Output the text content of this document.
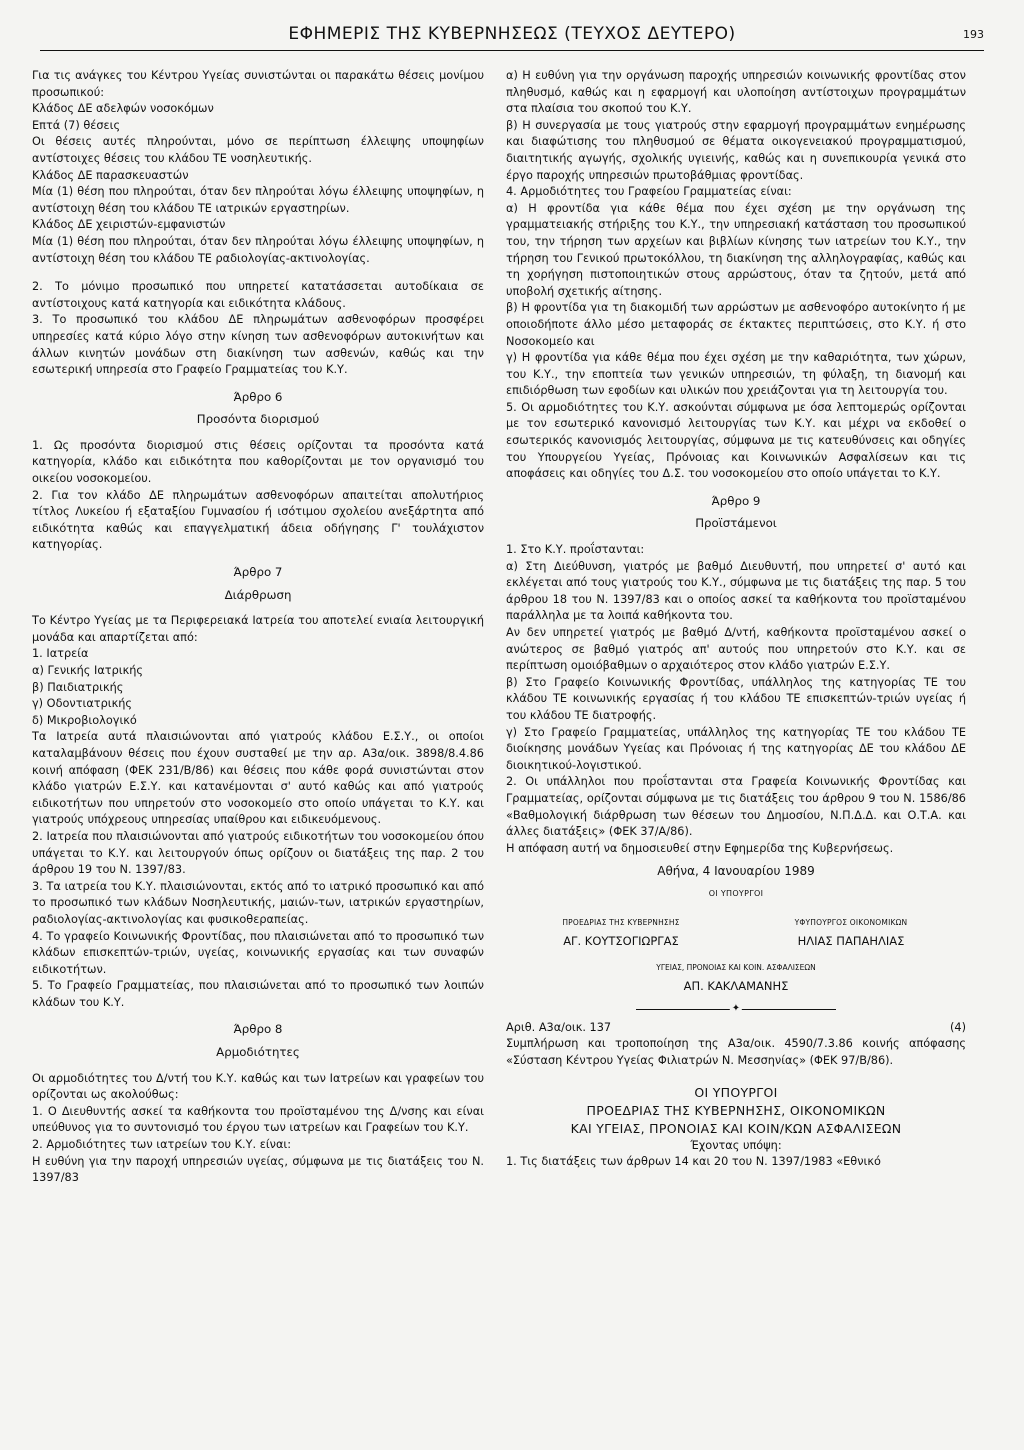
ΕΦΗΜΕΡΙΣ ΤΗΣ ΚΥΒΕΡΝΗΣΕΩΣ (ΤΕΥΧΟΣ ΔΕΥΤΕΡΟ)	193

Για τις ανάγκες του Κέντρου Υγείας συνιστώνται οι παρακάτω θέσεις μονίμου προσωπικού:

Κλάδος ΔΕ αδελφών νοσοκόμων

Επτά (7) θέσεις

Οι θέσεις αυτές πληρούνται, μόνο σε περίπτωση έλλειψης υποψηφίων αντίστοιχες θέσεις του κλάδου ΤΕ νοσηλευτικής.

Κλάδος ΔΕ παρασκευαστών

Μία (1) θέση που πληρούται, όταν δεν πληρούται λόγω έλλειψης υποψηφίων, η αντίστοιχη θέση του κλάδου ΤΕ ιατρικών εργαστηρίων.

Κλάδος ΔΕ χειριστών-εμφανιστών

Μία (1) θέση που πληρούται, όταν δεν πληρούται λόγω έλλειψης υποψηφίων, η αντίστοιχη θέση του κλάδου ΤΕ ραδιολογίας-ακτινολογίας.

2. Το μόνιμο προσωπικό που υπηρετεί κατατάσσεται αυτοδίκαια σε αντίστοιχους κατά κατηγορία και ειδικότητα κλάδους.

3. Το προσωπικό του κλάδου ΔΕ πληρωμάτων ασθενοφόρων προσφέρει υπηρεσίες κατά κύριο λόγο στην κίνηση των ασθενοφόρων αυτοκινήτων και άλλων κινητών μονάδων στη διακίνηση των ασθενών, καθώς και την εσωτερική υπηρεσία στο Γραφείο Γραμματείας του Κ.Υ.

Άρθρο 6

Προσόντα διορισμού

1. Ως προσόντα διορισμού στις θέσεις ορίζονται τα προσόντα κατά κατηγορία, κλάδο και ειδικότητα που καθορίζονται με τον οργανισμό του οικείου νοσοκομείου.

2. Για τον κλάδο ΔΕ πληρωμάτων ασθενοφόρων απαιτείται απολυτήριος τίτλος Λυκείου ή εξαταξίου Γυμνασίου ή ισότιμου σχολείου ανεξάρτητα από ειδικότητα καθώς και επαγγελματική άδεια οδήγησης Γ' τουλάχιστον κατηγορίας.

Άρθρο 7

Διάρθρωση

Το Κέντρο Υγείας με τα Περιφερειακά Ιατρεία του αποτελεί ενιαία λειτουργική μονάδα και απαρτίζεται από:

1. Ιατρεία

α) Γενικής Ιατρικής

β) Παιδιατρικής

γ) Οδοντιατρικής

δ) Μικροβιολογικό

Τα Ιατρεία αυτά πλαισιώνονται από γιατρούς κλάδου Ε.Σ.Υ., οι οποίοι καταλαμβάνουν θέσεις που έχουν συσταθεί με την αρ. Α3α/οικ. 3898/8.4.86 κοινή απόφαση (ΦΕΚ 231/Β/86) και θέσεις που κάθε φορά συνιστώνται στον κλάδο γιατρών Ε.Σ.Υ. και κατανέμονται σ' αυτό καθώς και από γιατρούς ειδικοτήτων που υπηρετούν στο νοσοκομείο στο οποίο υπάγεται το Κ.Υ. και γιατρούς υπόχρεους υπηρεσίας υπαίθρου και ειδικευόμενους.

2. Ιατρεία που πλαισιώνονται από γιατρούς ειδικοτήτων του νοσοκομείου όπου υπάγεται το Κ.Υ. και λειτουργούν όπως ορίζουν οι διατάξεις της παρ. 2 του άρθρου 19 του Ν. 1397/83.

3. Τα ιατρεία του Κ.Υ. πλαισιώνονται, εκτός από το ιατρικό προσωπικό και από το προσωπικό των κλάδων Νοσηλευτικής, μαιών-των, ιατρικών εργαστηρίων, ραδιολογίας-ακτινολογίας και φυσικοθεραπείας.

4. Το γραφείο Κοινωνικής Φροντίδας, που πλαισιώνεται από το προσωπικό των κλάδων επισκεπτών-τριών, υγείας, κοινωνικής εργασίας και των συναφών ειδικοτήτων.

5. Το Γραφείο Γραμματείας, που πλαισιώνεται από το προσωπικό των λοιπών κλάδων του Κ.Υ.

Άρθρο 8

Αρμοδιότητες

Οι αρμοδιότητες του Δ/ντή του Κ.Υ. καθώς και των Ιατρείων και γραφείων του ορίζονται ως ακολούθως:

1. Ο Διευθυντής ασκεί τα καθήκοντα του προϊσταμένου της Δ/νσης και είναι υπεύθυνος για το συντονισμό του έργου των ιατρείων και Γραφείων του Κ.Υ.

2. Αρμοδιότητες των ιατρείων του Κ.Υ. είναι:

Η ευθύνη για την παροχή υπηρεσιών υγείας, σύμφωνα με τις διατάξεις του Ν. 1397/83

α) Η ευθύνη για την οργάνωση παροχής υπηρεσιών κοινωνικής φροντίδας στον πληθυσμό, καθώς και η εφαρμογή και υλοποίηση αντίστοιχων προγραμμάτων στα πλαίσια του σκοπού του Κ.Υ.

β) Η συνεργασία με τους γιατρούς στην εφαρμογή προγραμμάτων ενημέρωσης και διαφώτισης του πληθυσμού σε θέματα οικογενειακού προγραμματισμού, διαιτητικής αγωγής, σχολικής υγιεινής, καθώς και η συνεπικουρία γενικά στο έργο παροχής υπηρεσιών πρωτοβάθμιας φροντίδας.

4. Αρμοδιότητες του Γραφείου Γραμματείας είναι:

α) Η φροντίδα για κάθε θέμα που έχει σχέση με την οργάνωση της γραμματειακής στήριξης του Κ.Υ., την υπηρεσιακή κατάσταση του προσωπικού του, την τήρηση των αρχείων και βιβλίων κίνησης των ιατρείων του Κ.Υ., την τήρηση του Γενικού πρωτοκόλλου, τη διακίνηση της αλληλογραφίας, καθώς και τη χορήγηση πιστοποιητικών στους αρρώστους, όταν τα ζητούν, μετά από υποβολή σχετικής αίτησης.

β) Η φροντίδα για τη διακομιδή των αρρώστων με ασθενοφόρο αυτοκίνητο ή με οποιοδήποτε άλλο μέσο μεταφοράς σε έκτακτες περιπτώσεις, στο Κ.Υ. ή στο Νοσοκομείο και

γ) Η φροντίδα για κάθε θέμα που έχει σχέση με την καθαριότητα, των χώρων, του Κ.Υ., την εποπτεία των γενικών υπηρεσιών, τη φύλαξη, τη διανομή και επιδιόρθωση των εφοδίων και υλικών που χρειάζονται για τη λειτουργία του.

5. Οι αρμοδιότητες του Κ.Υ. ασκούνται σύμφωνα με όσα λεπτομερώς ορίζονται με τον εσωτερικό κανονισμό λειτουργίας των Κ.Υ. και μέχρι να εκδοθεί ο εσωτερικός κανονισμός λειτουργίας, σύμφωνα με τις κατευθύνσεις και οδηγίες του Υπουργείου Υγείας, Πρόνοιας και Κοινωνικών Ασφαλίσεων και τις αποφάσεις και οδηγίες του Δ.Σ. του νοσοκομείου στο οποίο υπάγεται το Κ.Υ.

Άρθρο 9

Προϊστάμενοι

1. Στο Κ.Υ. προΐστανται:

α) Στη Διεύθυνση, γιατρός με βαθμό Διευθυντή, που υπηρετεί σ' αυτό και εκλέγεται από τους γιατρούς του Κ.Υ., σύμφωνα με τις διατάξεις της παρ. 5 του άρθρου 18 του Ν. 1397/83 και ο οποίος ασκεί τα καθήκοντα του προϊσταμένου παράλληλα με τα λοιπά καθήκοντα του.

Αν δεν υπηρετεί γιατρός με βαθμό Δ/ντή, καθήκοντα προϊσταμένου ασκεί ο ανώτερος σε βαθμό γιατρός απ' αυτούς που υπηρετούν στο Κ.Υ. και σε περίπτωση ομοιόβαθμων ο αρχαιότερος στον κλάδο γιατρών Ε.Σ.Υ.

β) Στο Γραφείο Κοινωνικής Φροντίδας, υπάλληλος της κατηγορίας ΤΕ του κλάδου ΤΕ κοινωνικής εργασίας ή του κλάδου ΤΕ επισκεπτών-τριών υγείας ή του κλάδου ΤΕ διατροφής.

γ) Στο Γραφείο Γραμματείας, υπάλληλος της κατηγορίας ΤΕ του κλάδου ΤΕ διοίκησης μονάδων Υγείας και Πρόνοιας ή της κατηγορίας ΔΕ του κλάδου ΔΕ διοικητικού-λογιστικού.

2. Οι υπάλληλοι που προΐστανται στα Γραφεία Κοινωνικής Φροντίδας και Γραμματείας, ορίζονται σύμφωνα με τις διατάξεις του άρθρου 9 του Ν. 1586/86 «Βαθμολογική διάρθρωση των θέσεων του Δημοσίου, Ν.Π.Δ.Δ. και Ο.Τ.Α. και άλλες διατάξεις» (ΦΕΚ 37/Α/86).

Η απόφαση αυτή να δημοσιευθεί στην Εφημερίδα της Κυβερνήσεως.

Αθήνα, 4 Ιανουαρίου 1989
ΟΙ ΥΠΟΥΡΓΟΙ
ΠΡΟΕΔΡΙΑΣ ΤΗΣ ΚΥΒΕΡΝΗΣΗΣ
ΑΓ. ΚΟΥΤΣΟΓΙΩΡΓΑΣ
ΥΦΥΠΟΥΡΓΟΣ ΟΙΚΟΝΟΜΙΚΩΝ
ΗΛΙΑΣ ΠΑΠΑΗΛΙΑΣ
ΥΓΕΙΑΣ, ΠΡΟΝΟΙΑΣ ΚΑΙ ΚΟΙΝ. ΑΣΦΑΛΙΣΕΩΝ
ΑΠ. ΚΑΚΛΑΜΑΝΗΣ
✦
Αριθ. Α3α/οικ. 137	(4)

Συμπλήρωση και τροποποίηση της Α3α/οικ. 4590/7.3.86 κοινής απόφασης «Σύσταση Κέντρου Υγείας Φιλιατρών Ν. Μεσσηνίας» (ΦΕΚ 97/Β/86).

ΟΙ ΥΠΟΥΡΓΟΙ
ΠΡΟΕΔΡΙΑΣ ΤΗΣ ΚΥΒΕΡΝΗΣΗΣ, ΟΙΚΟΝΟΜΙΚΩΝ
ΚΑΙ ΥΓΕΙΑΣ, ΠΡΟΝΟΙΑΣ ΚΑΙ ΚΟΙΝ/ΚΩΝ ΑΣΦΑΛΙΣΕΩΝ

Έχοντας υπόψη:

1. Τις διατάξεις των άρθρων 14 και 20 του Ν. 1397/1983 «Εθνικό
